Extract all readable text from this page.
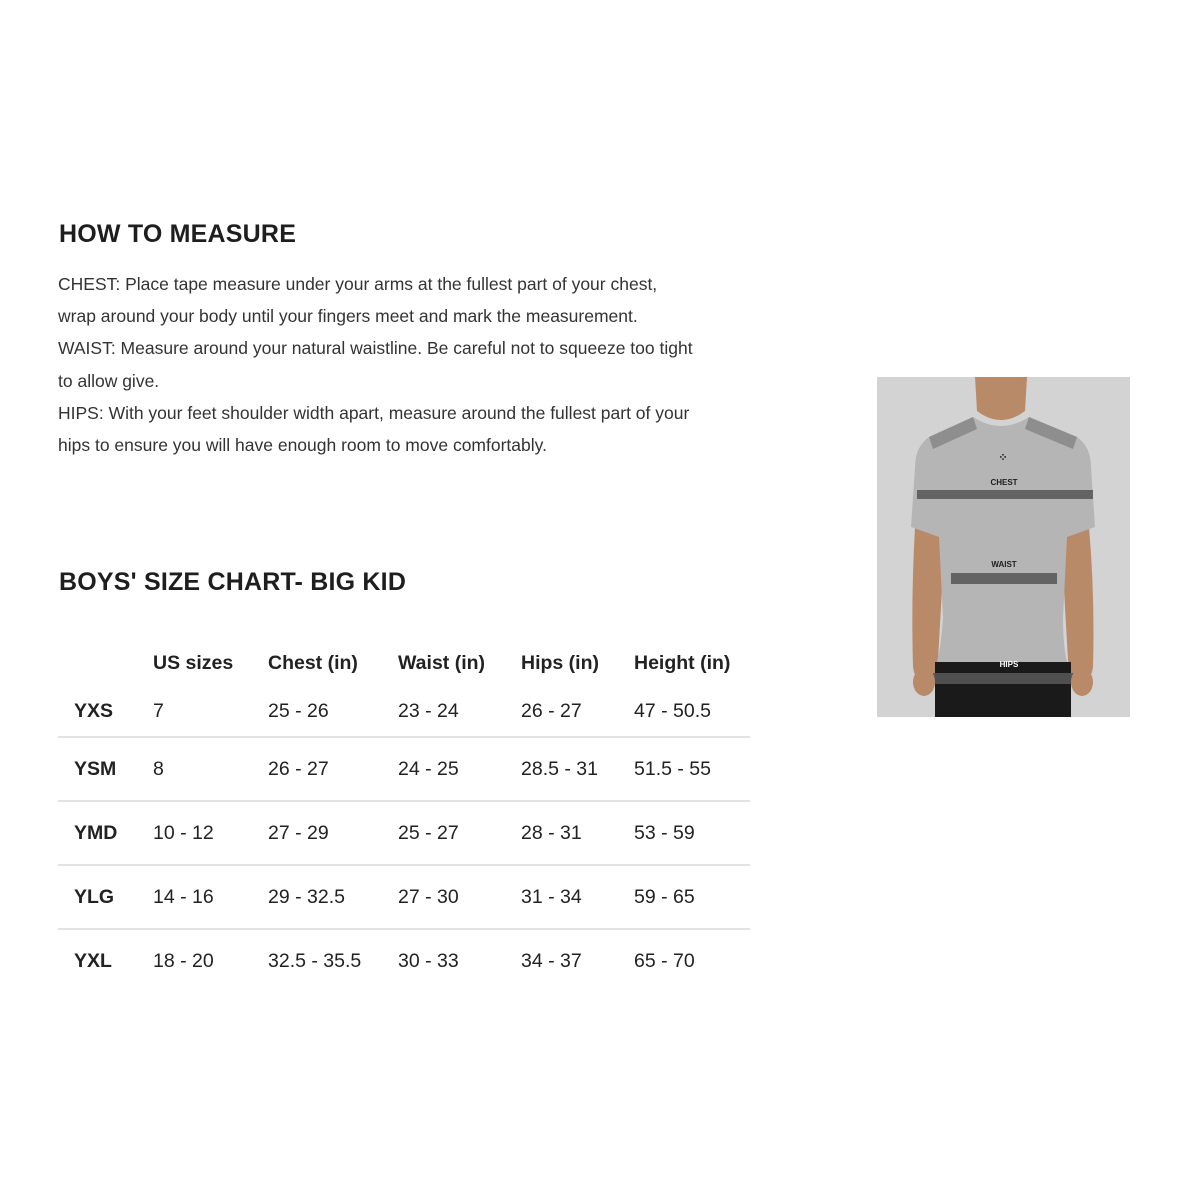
HOW TO MEASURE

CHEST: Place tape measure under your arms at the fullest part of your chest, wrap around your body until your fingers meet and mark the measurement.

WAIST: Measure around your natural waistline. Be careful not to squeeze too tight to allow give.

HIPS: With your feet shoulder width apart, measure around the fullest part of your hips to ensure you will have enough room to move comfortably.

BOYS' SIZE CHART- BIG KID
	US sizes	Chest (in)	Waist (in)	Hips (in)	Height (in)
YXS	7	25 - 26	23 - 24	26 - 27	47 - 50.5
YSM	8	26 - 27	24 - 25	28.5 - 31	51.5 - 55
YMD	10 - 12	27 - 29	25 - 27	28 - 31	53 - 59
YLG	14 - 16	29 - 32.5	27 - 30	31 - 34	59 - 65
YXL	18 - 20	32.5 - 35.5	30 - 33	34 - 37	65 - 70
⁘
CHEST
WAIST
HIPS
